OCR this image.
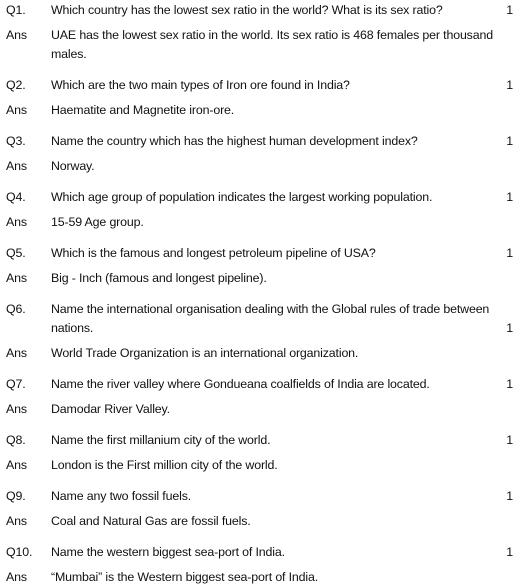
Q1.	Which country has the lowest sex ratio in the world? What is its sex ratio?	1
Ans	UAE has the lowest sex ratio in the world. Its sex ratio is 468 females per thousand males.
Q2.	Which are the two main types of Iron ore found in India?	1
Ans	Haematite and Magnetite iron-ore.
Q3.	Name the country which has the highest human development index?	1
Ans	Norway.
Q4.	Which age group of population indicates the largest working population.	1
Ans	15-59 Age group.
Q5.	Which is the famous and longest petroleum pipeline of USA?	1
Ans	Big - Inch (famous and longest pipeline).
Q6.	Name the international organisation dealing with the Global rules of trade between
nations.	1
Ans	World Trade Organization is an international organization.
Q7.	Name the river valley where Gondueana coalfields of India are located.	1
Ans	Damodar River Valley.
Q8.	Name the first millanium city of the world.	1
Ans	London is the First million city of the world.
Q9.	Name any two fossil fuels.	1
Ans	Coal and Natural Gas are fossil fuels.
Q10.	Name the western biggest sea-port of India.	1
Ans	“Mumbai” is the Western biggest sea-port of India.
